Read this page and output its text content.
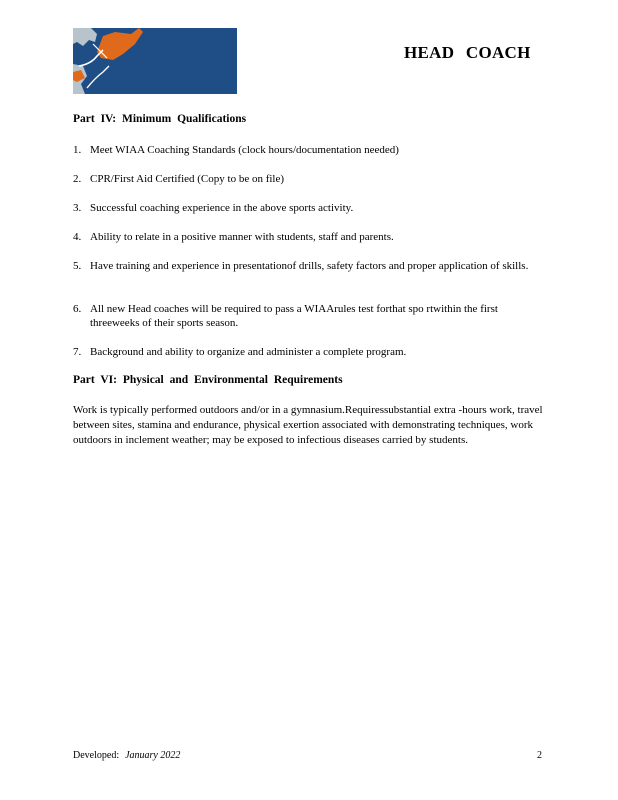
HEAD COACH
Part IV: Minimum Qualifications
1. Meet WIAA Coaching Standards (clock hours/documentation needed)
2. CPR/First Aid Certified (Copy to be on file)
3. Successful coaching experience in the above sports activity.
4. Ability to relate in a positive manner with students, staff and parents.
5. Have training and experience in presentationof drills, safety factors and proper application of skills.
6. All new Head coaches will be required to pass a WIAArules test forthat spo rtwithin the first threeweeks of their sports season.
7. Background and ability to organize and administer a complete program.
Part VI: Physical and Environmental Requirements
Work is typically performed outdoors and/or in a gymnasium.Requiressubstantial extra -hours work, travel between sites, stamina and endurance, physical exertion associated with demonstrating techniques, work outdoors in inclement weather; may be exposed to infectious diseases carried by students.
Developed: January 2022	2
